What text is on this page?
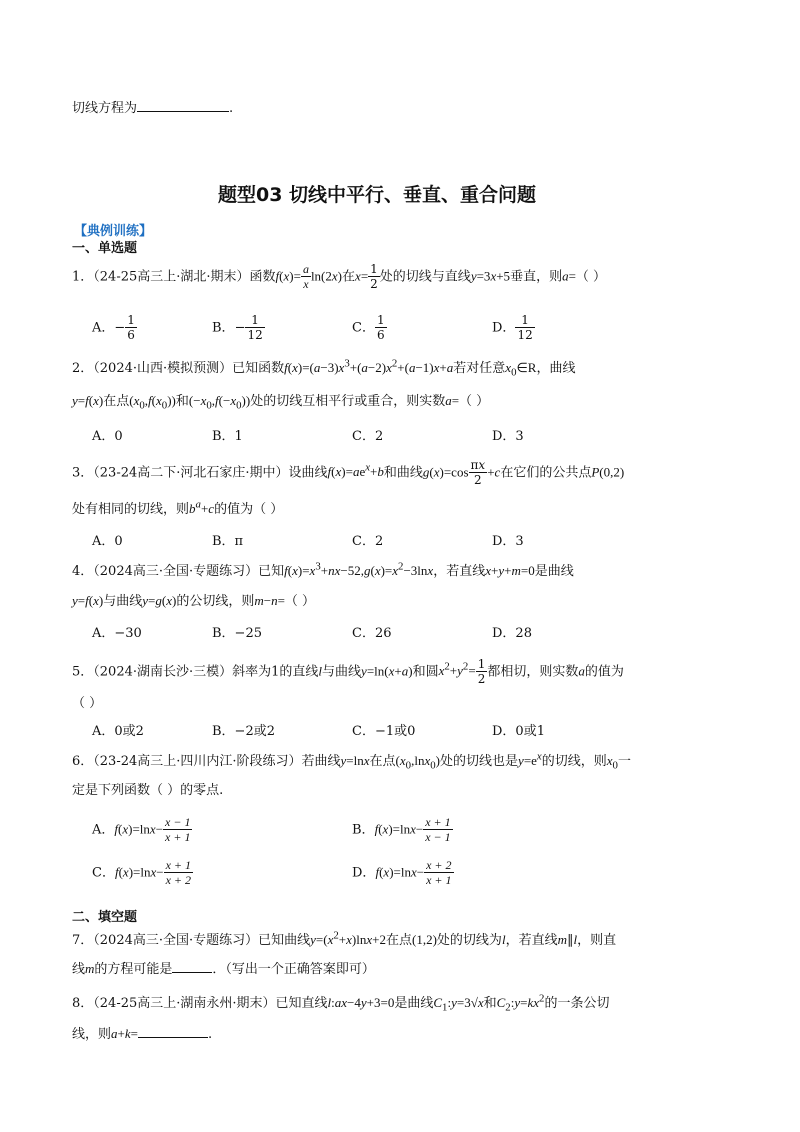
切线方程为	.
题型03 切线中平行、垂直、重合问题
【典例训练】
一、单选题
1．（24-25高三上·湖北·期末）函数$f(x)= \frac{a}{x} \ln(2x)$在$x= \frac{1}{2}$ 处的切线与直线y=3x+5垂直，则a=（ ）
A．− $\frac{1}{6}$	B．− $\frac{1}{12}$	C． $\frac{1}{6}$	D． $\frac{1}{12}$
2．（2024·山西·模拟预测）已知函数$f(x)=(a-3)x^3+(a-2)x^2+(a-1)x+a$若对任意$x_0\in R$，曲线
y=f(x)在点$(x_0,f(x_0))$和$(-x_0,f(-x_0))$处的切线互相平行或重合，则实数a=（ ）
A．0	B．1	C．2	D．3
3．（23-24高二下·河北石家庄·期中）设曲线$f(x)=ae^x+b$和曲线$g(x)=\cos \frac{\pi x}{2} +c$在它们的公共点P(0,2)
处有相同的切线，则$b^a+c$的值为（ ）
A．0	B．π	C．2	D．3
4．（2024高三·全国·专题练习）已知$f(x)=x^3+nx-52,g(x)=x^2-3\ln x$，若直线x+y+m=0是曲线
y=f(x)与曲线y=g(x)的公切线，则m−n=（ ）
A．−30	B．−25	C．26	D．28
5．（2024·湖南长沙·三模）斜率为1的直线l与曲线y=ln(x+a)和圆$x^2+y^2= \frac{1}{2}$ 都相切，则实数a的值为
（ ）
A．0或2	B．−2或2	C．−1或0	D．0或1
6．（23-24高三上·四川内江·阶段练习）若曲线y=lnx在点$(x_0,\ln x_0)$处的切线也是$y=e^x$的切线，则$x_0$一
定是下列函数（ ）的零点.
A．$f(x)=\ln x- \frac{x - 1}{x + 1}$	B．$f(x)=\ln x- \frac{x + 1}{x - 1}$
C．$f(x)=\ln x- \frac{x + 1}{x + 2}$	D．$f(x)=\ln x- \frac{x + 2}{x + 1}$
二、填空题
7．（2024高三·全国·专题练习）已知曲线$y=(x^2+x)\ln x+2$在点(1,2)处的切线为l，若直线m∥l，则直
线m的方程可能是	．（写出一个正确答案即可）
8．（24-25高三上·湖南永州·期末）已知直线l:ax−4y+3=0是曲线$C_1:y=3√x$和$C_2:y=kx^2$的一条公切
线，则a+k=	.
